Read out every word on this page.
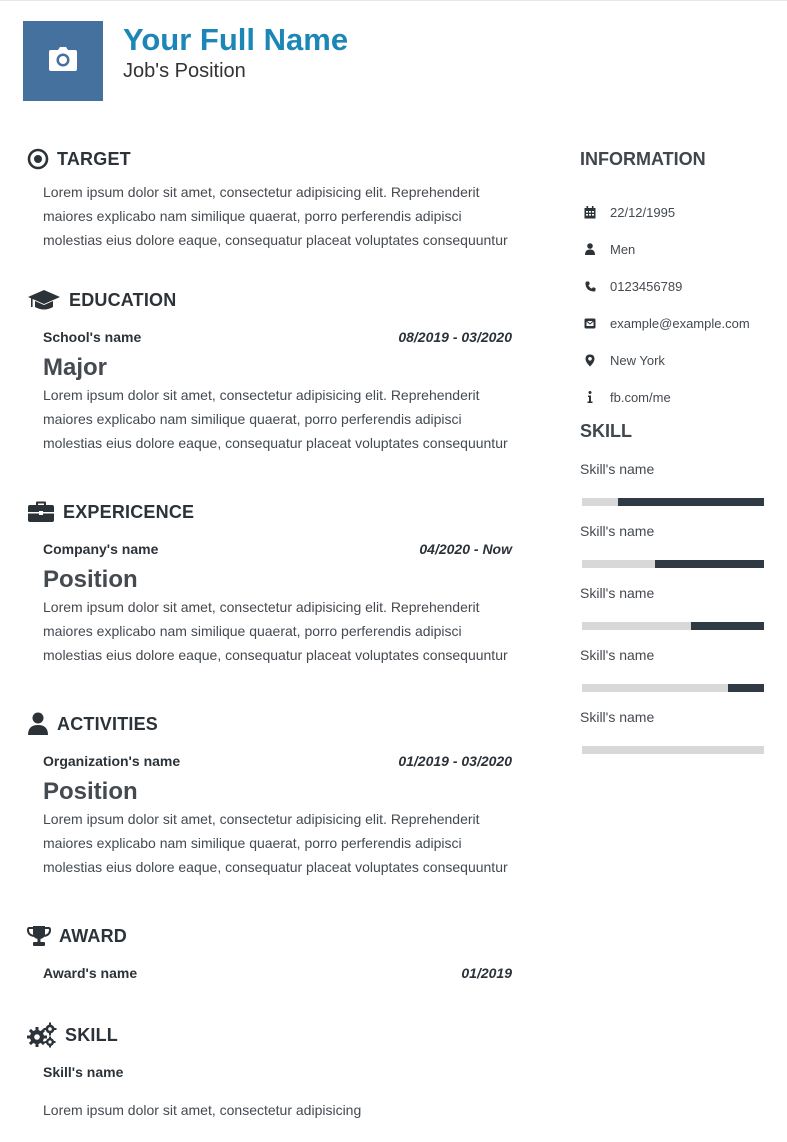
Your Full Name
Job's Position
TARGET

Lorem ipsum dolor sit amet, consectetur adipisicing elit. Reprehenderit maiores explicabo nam similique quaerat, porro perferendis adipisci molestias eius dolore eaque, consequatur placeat voluptates consequuntur

EDUCATION
School's name	08/2019 - 03/2020
Major

Lorem ipsum dolor sit amet, consectetur adipisicing elit. Reprehenderit maiores explicabo nam similique quaerat, porro perferendis adipisci molestias eius dolore eaque, consequatur placeat voluptates consequuntur

EXPERICENCE
Company's name	04/2020 - Now
Position

Lorem ipsum dolor sit amet, consectetur adipisicing elit. Reprehenderit maiores explicabo nam similique quaerat, porro perferendis adipisci molestias eius dolore eaque, consequatur placeat voluptates consequuntur

ACTIVITIES
Organization's name	01/2019 - 03/2020
Position

Lorem ipsum dolor sit amet, consectetur adipisicing elit. Reprehenderit maiores explicabo nam similique quaerat, porro perferendis adipisci molestias eius dolore eaque, consequatur placeat voluptates consequuntur

AWARD
Award's name	01/2019
SKILL
Skill's name

Lorem ipsum dolor sit amet, consectetur adipisicing

INFORMATION
22/12/1995
Men
0123456789
example@example.com
New York
fb.com/me
SKILL
Skill's name
Skill's name
Skill's name
Skill's name
Skill's name
